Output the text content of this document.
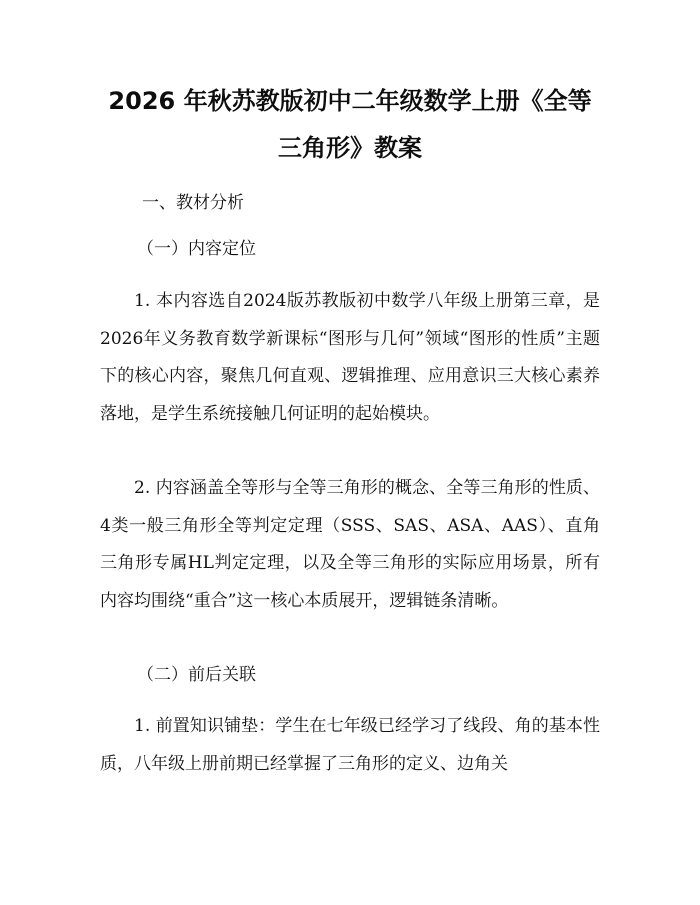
2026 年秋苏教版初中二年级数学上册《全等
三角形》教案
一、教材分析
（一）内容定位

1. 本内容选自2024版苏教版初中数学八年级上册第三章，是2026年义务教育数学新课标“图形与几何”领域“图形的性质”主题下的核心内容，聚焦几何直观、逻辑推理、应用意识三大核心素养落地，是学生系统接触几何证明的起始模块。

2. 内容涵盖全等形与全等三角形的概念、全等三角形的性质、4类一般三角形全等判定定理（SSS、SAS、ASA、AAS）、直角三角形专属HL判定定理，以及全等三角形的实际应用场景，所有内容均围绕“重合”这一核心本质展开，逻辑链条清晰。

（二）前后关联

1. 前置知识铺垫：学生在七年级已经学习了线段、角的基本性质，八年级上册前期已经掌握了三角形的定义、边角关
